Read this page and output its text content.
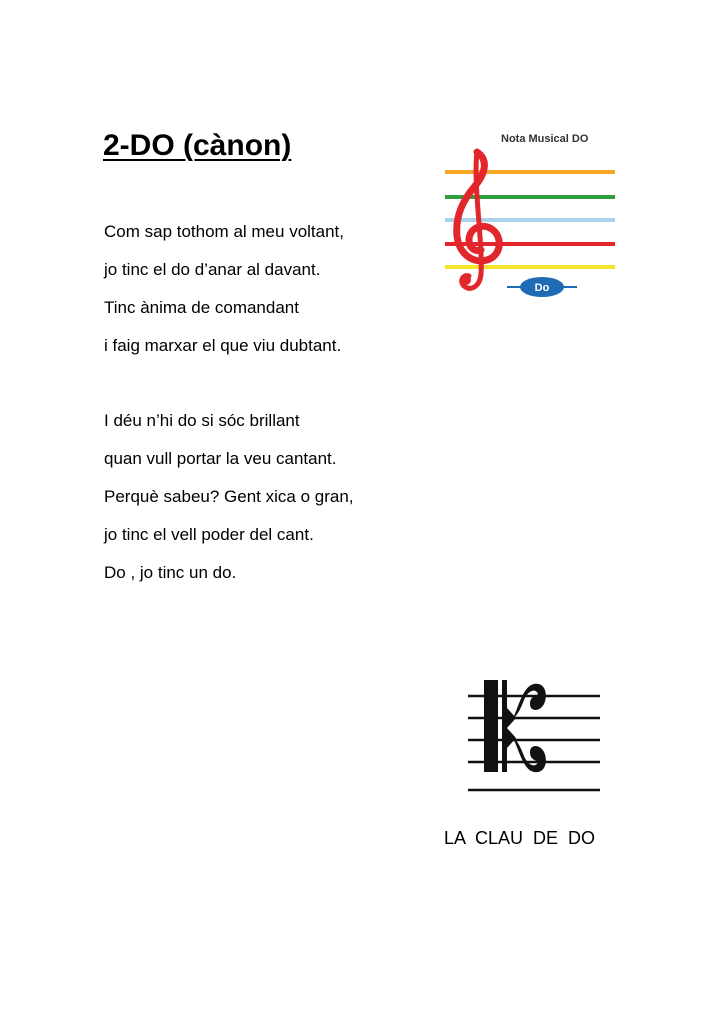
2-DO (cànon)
Com sap tothom al meu voltant,
jo tinc el do d’anar al davant.
Tinc ànima de comandant
i faig marxar el que viu dubtant.
I déu n’hi do si sóc brillant
quan vull portar la veu cantant.
Perquè sabeu? Gent xica o gran,
jo tinc el vell poder del cant.
Do , jo tinc un do.
Nota Musical DO
Do
LA  CLAU  DE  DO
